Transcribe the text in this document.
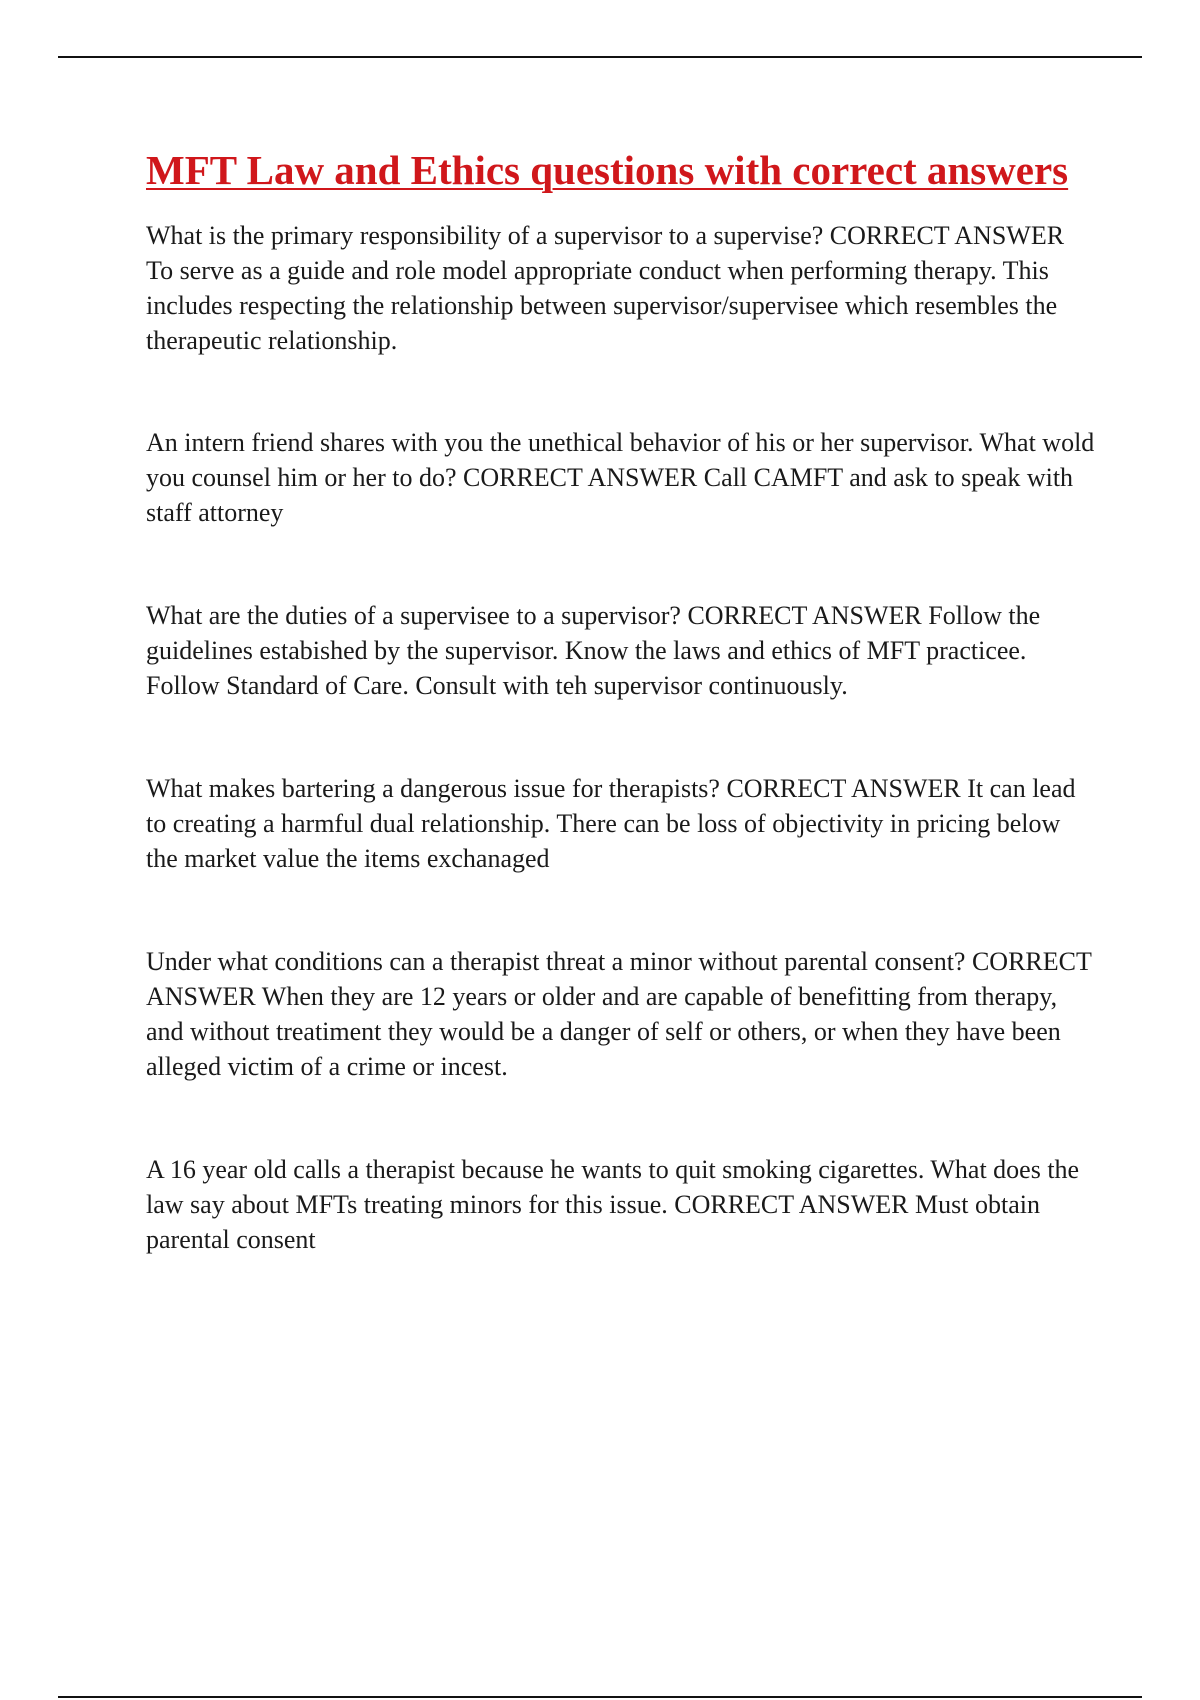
MFT Law and Ethics questions with correct answers

What is the primary responsibility of a supervisor to a supervise? CORRECT ANSWER To serve as a guide and role model appropriate conduct when performing therapy. This includes respecting the relationship between supervisor/supervisee which resembles the therapeutic relationship.

An intern friend shares with you the unethical behavior of his or her supervisor. What wold you counsel him or her to do? CORRECT ANSWER Call CAMFT and ask to speak with staff attorney

What are the duties of a supervisee to a supervisor? CORRECT ANSWER Follow the guidelines estabished by the supervisor. Know the laws and ethics of MFT practicee. Follow Standard of Care. Consult with teh supervisor continuously.

What makes bartering a dangerous issue for therapists? CORRECT ANSWER It can lead to creating a harmful dual relationship. There can be loss of objectivity in pricing below the market value the items exchanaged

Under what conditions can a therapist threat a minor without parental consent? CORRECT ANSWER When they are 12 years or older and are capable of benefitting from therapy, and without treatiment they would be a danger of self or others, or when they have been alleged victim of a crime or incest.

A 16 year old calls a therapist because he wants to quit smoking cigarettes. What does the law say about MFTs treating minors for this issue. CORRECT ANSWER Must obtain parental consent
